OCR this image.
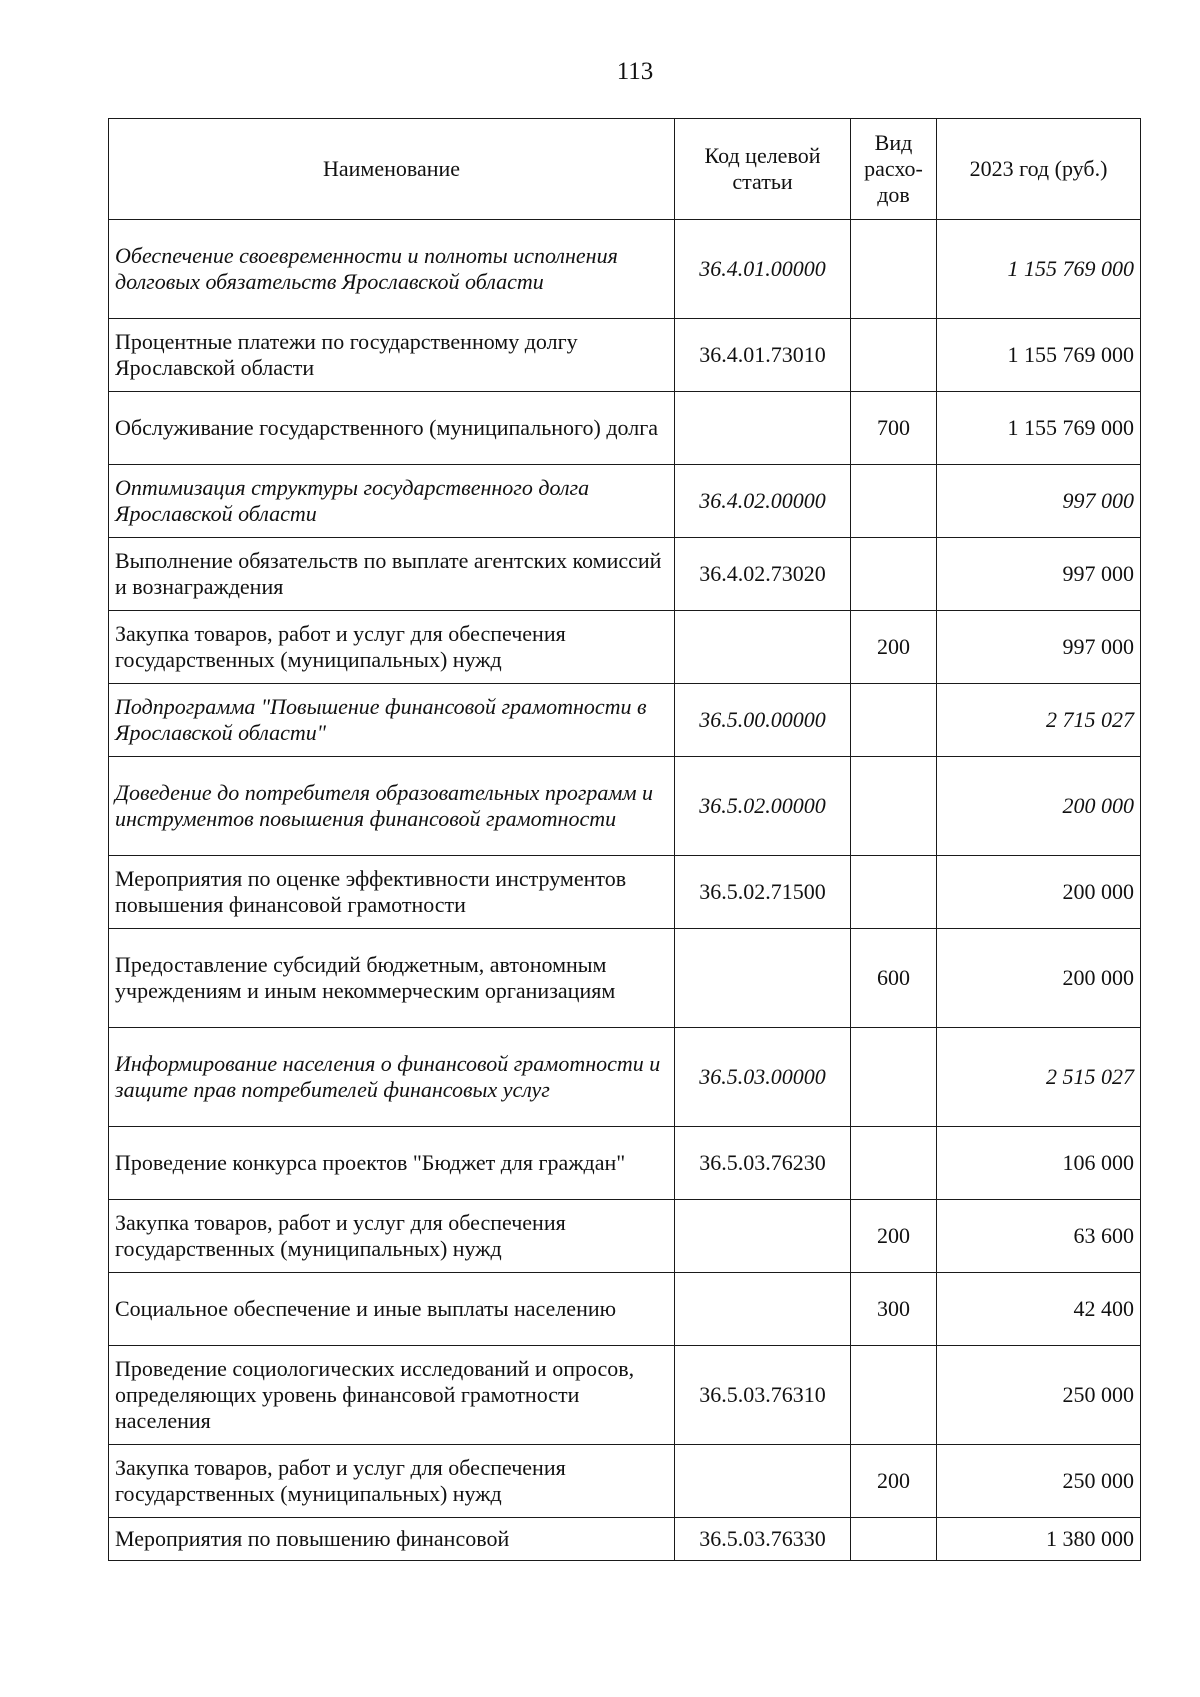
113
Наименование	Код целевой статьи	Вид расхо-дов	2023 год (руб.)
Обеспечение своевременности и полноты исполнения долговых обязательств Ярославской области	36.4.01.00000		1 155 769 000
Процентные платежи по государственному долгу Ярославской области	36.4.01.73010		1 155 769 000
Обслуживание государственного (муниципального) долга		700	1 155 769 000
Оптимизация структуры государственного долга Ярославской области	36.4.02.00000		997 000
Выполнение обязательств по выплате агентских комиссий и вознаграждения	36.4.02.73020		997 000
Закупка товаров, работ и услуг для обеспечения государственных (муниципальных) нужд		200	997 000
Подпрограмма "Повышение финансовой грамотности в Ярославской области"	36.5.00.00000		2 715 027
Доведение до потребителя образовательных программ и инструментов повышения финансовой грамотности	36.5.02.00000		200 000
Мероприятия по оценке эффективности инструментов повышения финансовой грамотности	36.5.02.71500		200 000
Предоставление субсидий бюджетным, автономным учреждениям и иным некоммерческим организациям		600	200 000
Информирование населения о финансовой грамотности и защите прав потребителей финансовых услуг	36.5.03.00000		2 515 027
Проведение конкурса проектов "Бюджет для граждан"	36.5.03.76230		106 000
Закупка товаров, работ и услуг для обеспечения государственных (муниципальных) нужд		200	63 600
Социальное обеспечение и иные выплаты населению		300	42 400
Проведение социологических исследований и опросов, определяющих уровень финансовой грамотности населения	36.5.03.76310		250 000
Закупка товаров, работ и услуг для обеспечения государственных (муниципальных) нужд		200	250 000
Мероприятия по повышению финансовой	36.5.03.76330		1 380 000
